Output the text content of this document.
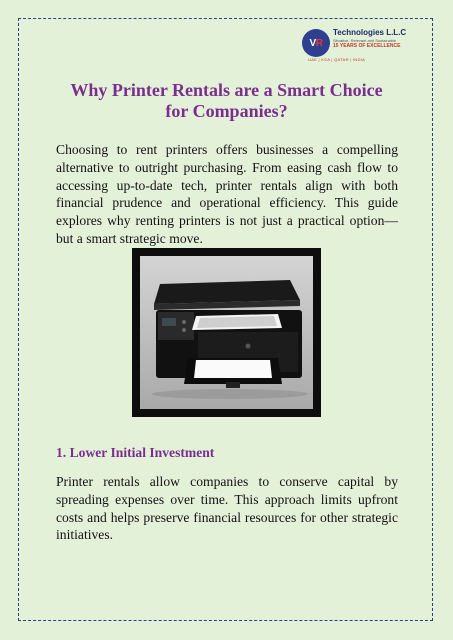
V R
Technologies L.L.C
Situative, Relevant and Sustainable
15 YEARS OF EXCELLENCE
UAE | KSA | QATAR | INDIA
Why Printer Rentals are a Smart Choice
for Companies?
Choosing to rent printers offers businesses a compelling alternative to outright purchasing. From easing cash flow to accessing up-to-date tech, printer rentals align with both financial prudence and operational efficiency. This guide explores why renting printers is not just a practical option—but a smart strategic move.
1. Lower Initial Investment
Printer rentals allow companies to conserve capital by spreading expenses over time. This approach limits upfront costs and helps preserve financial resources for other strategic initiatives.
